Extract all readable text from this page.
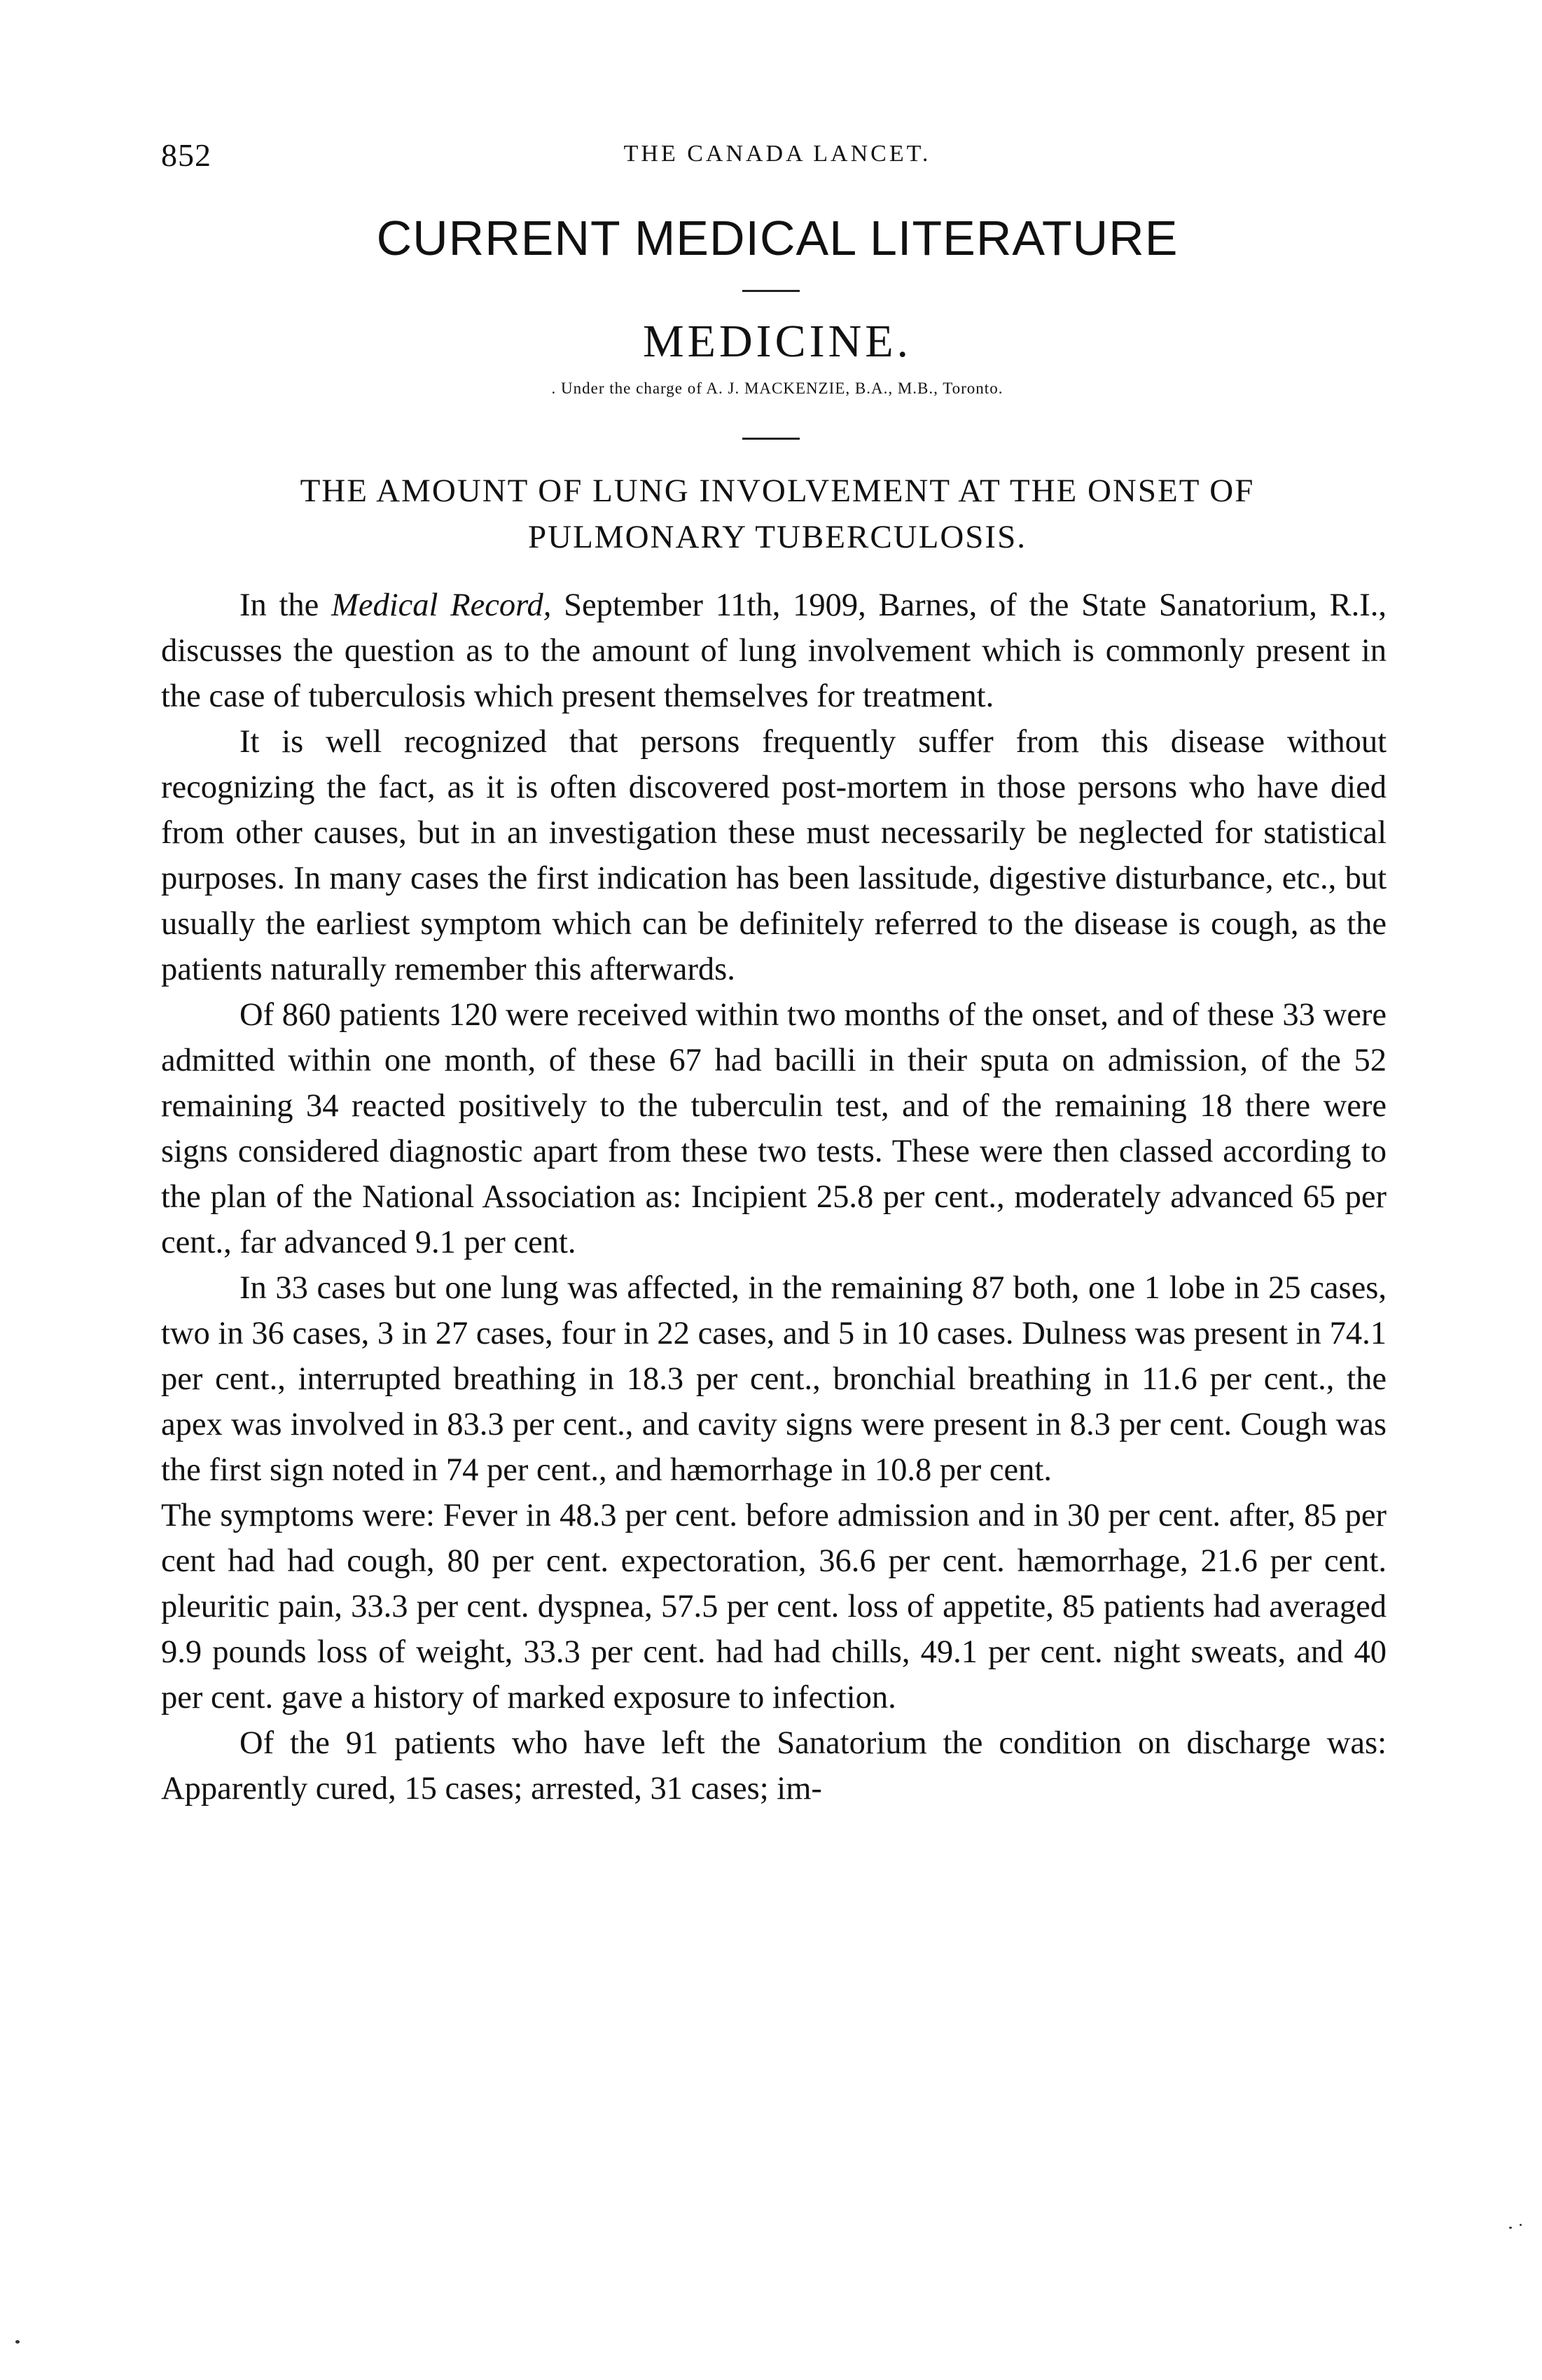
852	THE CANADA LANCET.
CURRENT MEDICAL LITERATURE
MEDICINE.
. Under the charge of A. J. MACKENZIE, B.A., M.B., Toronto.
THE AMOUNT OF LUNG INVOLVEMENT AT THE ONSET OF
PULMONARY TUBERCULOSIS.

In the Medical Record, September 11th, 1909, Barnes, of the State Sanatorium, R.I., discusses the question as to the amount of lung involvement which is commonly present in the case of tuberculosis which present themselves for treatment.

It is well recognized that persons frequently suffer from this disease without recognizing the fact, as it is often discovered post-mortem in those persons who have died from other causes, but in an investigation these must necessarily be neglected for statistical purposes. In many cases the first indication has been lassitude, digestive disturbance, etc., but usually the earliest symptom which can be definitely referred to the disease is cough, as the patients naturally remember this afterwards.

Of 860 patients 120 were received within two months of the onset, and of these 33 were admitted within one month, of these 67 had bacilli in their sputa on admission, of the 52 remaining 34 reacted positively to the tuberculin test, and of the remaining 18 there were signs considered diagnostic apart from these two tests. These were then classed according to the plan of the National Association as: Incipient 25.8 per cent., moderately advanced 65 per cent., far advanced 9.1 per cent.

In 33 cases but one lung was affected, in the remaining 87 both, one 1 lobe in 25 cases, two in 36 cases, 3 in 27 cases, four in 22 cases, and 5 in 10 cases. Dulness was present in 74.1 per cent., interrupted breathing in 18.3 per cent., bronchial breathing in 11.6 per cent., the apex was involved in 83.3 per cent., and cavity signs were present in 8.3 per cent. Cough was the first sign noted in 74 per cent., and hæmorrhage in 10.8 per cent.

The symptoms were: Fever in 48.3 per cent. before admission and in 30 per cent. after, 85 per cent had had cough, 80 per cent. expectoration, 36.6 per cent. hæmorrhage, 21.6 per cent. pleuritic pain, 33.3 per cent. dyspnea, 57.5 per cent. loss of appetite, 85 patients had averaged 9.9 pounds loss of weight, 33.3 per cent. had had chills, 49.1 per cent. night sweats, and 40 per cent. gave a history of marked exposure to infection.

Of the 91 patients who have left the Sanatorium the condition on discharge was: Apparently cured, 15 cases; arrested, 31 cases; im-
